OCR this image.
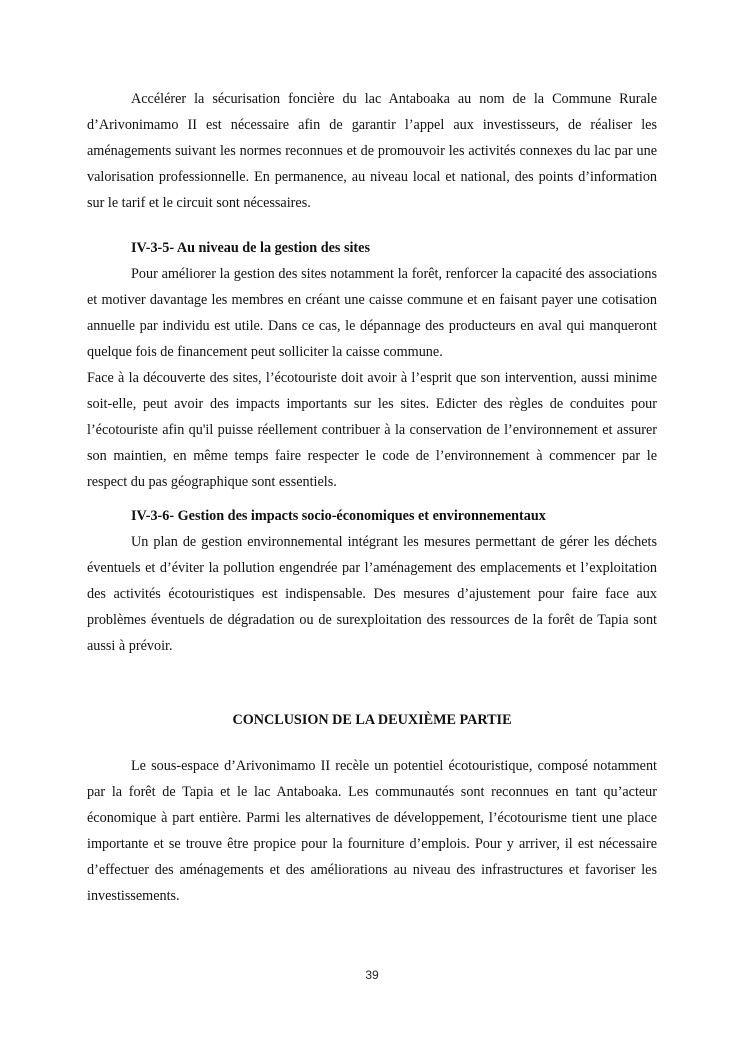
Accélérer la sécurisation foncière du lac Antaboaka au nom de la Commune Rurale d’Arivonimamo II est nécessaire afin de garantir l’appel aux investisseurs, de réaliser les aménagements suivant les normes reconnues et de promouvoir les activités connexes du lac par une valorisation professionnelle. En permanence, au niveau local et national, des points d’information sur le tarif et le circuit sont nécessaires.

IV-3-5- Au niveau de la gestion des sites

Pour améliorer la gestion des sites notamment la forêt, renforcer la capacité des associations et motiver davantage les membres en créant une caisse commune et en faisant payer une cotisation annuelle par individu est utile. Dans ce cas, le dépannage des producteurs en aval qui manqueront quelque fois de financement peut solliciter la caisse commune.

Face à la découverte des sites, l’écotouriste doit avoir à l’esprit que son intervention, aussi minime soit-elle, peut avoir des impacts importants sur les sites. Edicter des règles de conduites pour l’écotouriste afin qu'il puisse réellement contribuer à la conservation de l’environnement et assurer son maintien, en même temps faire respecter le code de l’environnement à commencer par le respect du pas géographique sont essentiels.

IV-3-6- Gestion des impacts socio-économiques et environnementaux

Un plan de gestion environnemental intégrant les mesures permettant de gérer les déchets éventuels et d’éviter la pollution engendrée par l’aménagement des emplacements et l’exploitation des activités écotouristiques est indispensable. Des mesures d’ajustement pour faire face aux problèmes éventuels de dégradation ou de surexploitation des ressources de la forêt de Tapia sont aussi à prévoir.

CONCLUSION DE LA DEUXIÈME PARTIE

Le sous-espace d’Arivonimamo II recèle un potentiel écotouristique, composé notamment par la forêt de Tapia et le lac Antaboaka. Les communautés sont reconnues en tant qu’acteur économique à part entière. Parmi les alternatives de développement, l’écotourisme tient une place importante et se trouve être propice pour la fourniture d’emplois. Pour y arriver, il est nécessaire d’effectuer des aménagements et des améliorations au niveau des infrastructures et favoriser les investissements.

39
